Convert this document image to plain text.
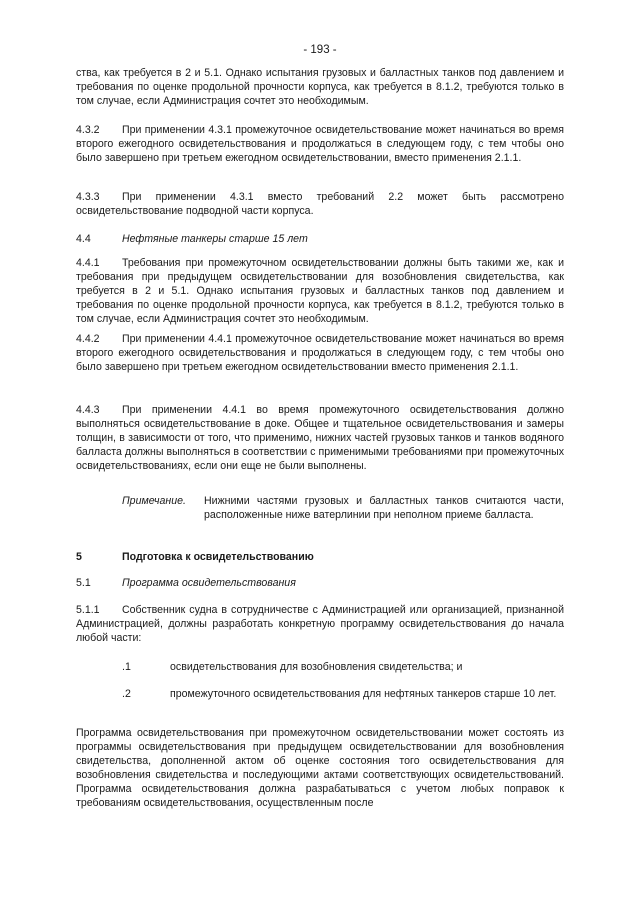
- 193 -
ства, как требуется в 2 и 5.1. Однако испытания грузовых и балластных танков под давлением и требования по оценке продольной прочности корпуса, как требуется в 8.1.2, требуются только в том случае, если Администрация сочтет это необходимым.
4.3.2 При применении 4.3.1 промежуточное освидетельствование может начинаться во время второго ежегодного освидетельствования и продолжаться в следующем году, с тем чтобы оно было завершено при третьем ежегодном освидетельствовании, вместо применения 2.1.1.
4.3.3 При применении 4.3.1 вместо требований 2.2 может быть рассмотрено освидетельствование подводной части корпуса.
4.4	Нефтяные танкеры старше 15 лет
4.4.1 Требования при промежуточном освидетельствовании должны быть такими же, как и требования при предыдущем освидетельствовании для возобновления свидетельства, как требуется в 2 и 5.1. Однако испытания грузовых и балластных танков под давлением и требования по оценке продольной прочности корпуса, как требуется в 8.1.2, требуются только в том случае, если Администрация сочтет это необходимым.
4.4.2 При применении 4.4.1 промежуточное освидетельствование может начинаться во время второго ежегодного освидетельствования и продолжаться в следующем году, с тем чтобы оно было завершено при третьем ежегодном освидетельствовании вместо применения 2.1.1.
4.4.3 При применении 4.4.1 во время промежуточного освидетельствования должно выполняться освидетельствование в доке. Общее и тщательное освидетельствования и замеры толщин, в зависимости от того, что применимо, нижних частей грузовых танков и танков водяного балласта должны выполняться в соответствии с применимыми требованиями при промежуточных освидетельствованиях, если они еще не были выполнены.
Примечание. Нижними частями грузовых и балластных танков считаются части, расположенные ниже ватерлинии при неполном приеме балласта.
5	Подготовка к освидетельствованию
5.1	Программа освидетельствования
5.1.1 Собственник судна в сотрудничестве с Администрацией или организацией, признанной Администрацией, должны разработать конкретную программу освидетельствования до начала любой части:
.1	освидетельствования для возобновления свидетельства; и
.2	промежуточного освидетельствования для нефтяных танкеров старше 10 лет.
Программа освидетельствования при промежуточном освидетельствовании может состоять из программы освидетельствования при предыдущем освидетельствовании для возобновления свидетельства, дополненной актом об оценке состояния того освидетельствования для возобновления свидетельства и последующими актами соответствующих освидетельствований. Программа освидетельствования должна разрабатываться с учетом любых поправок к требованиям освидетельствования, осуществленным после
